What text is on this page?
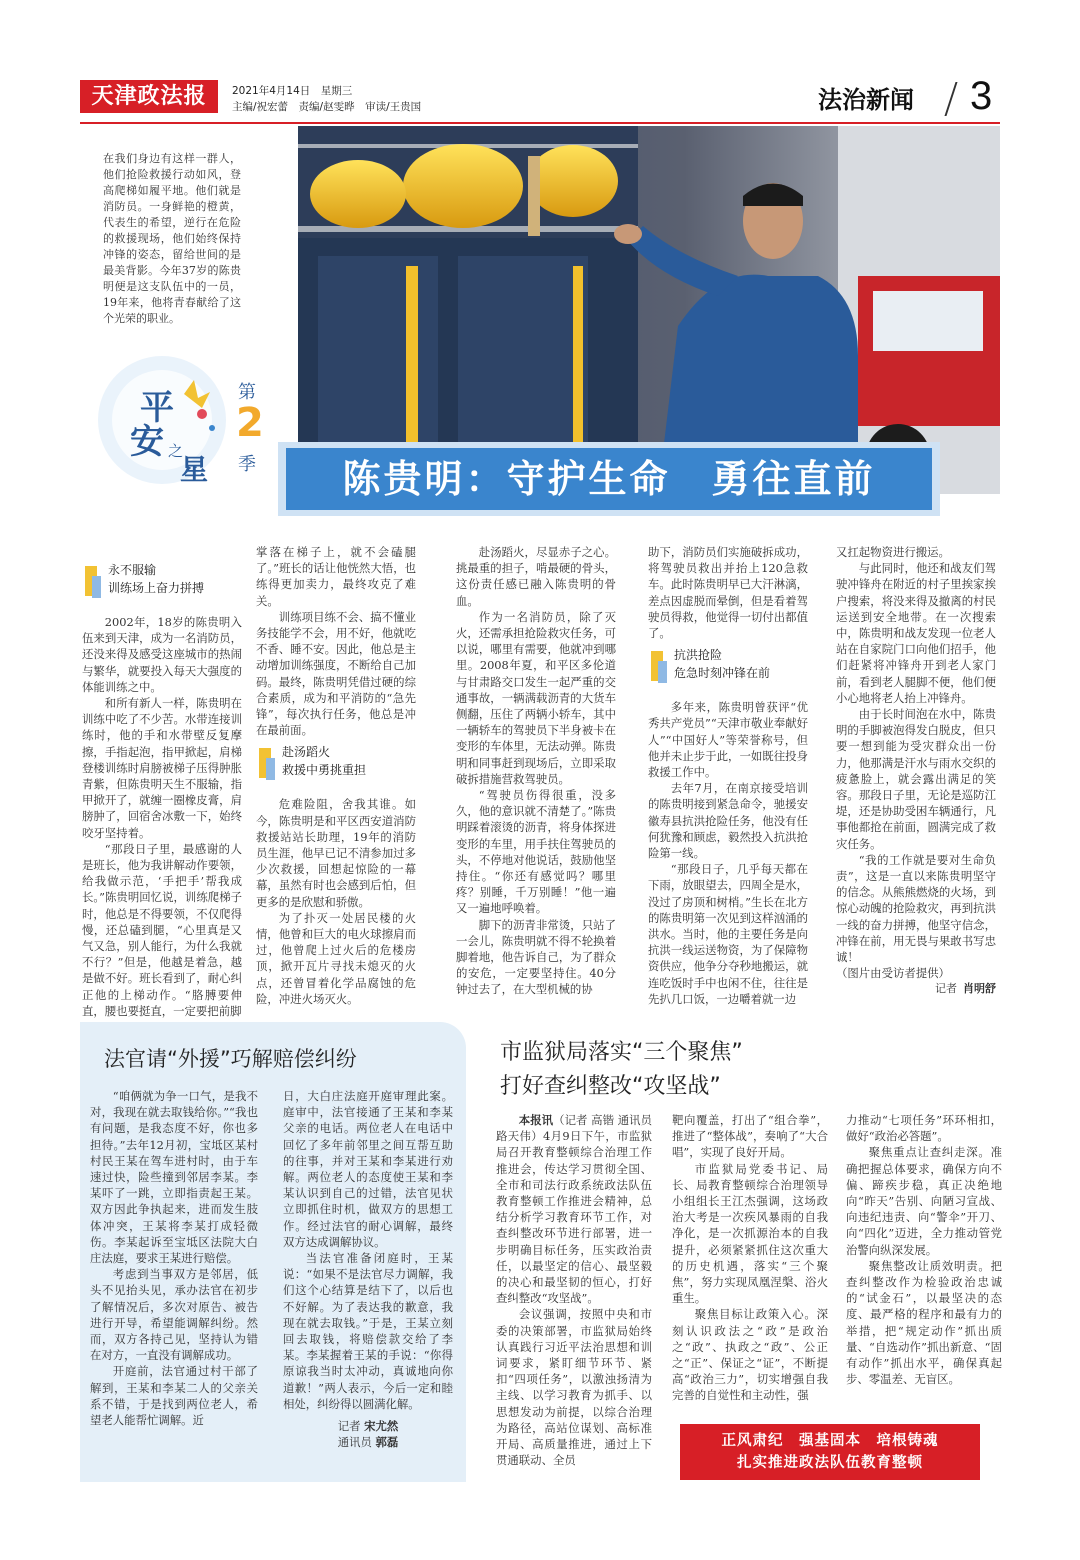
天津政法报	2021年4月14日　星期三
主编/祝宏蕾　责编/赵雯晔　审读/王贵国	法治新闻 3
在我们身边有这样一群人，他们抢险救援行动如风，登高爬梯如履平地。他们就是消防员。一身鲜艳的橙黄，代表生的希望，逆行在危险的救援现场，他们始终保持冲锋的姿态，留给世间的是最美背影。今年37岁的陈贵明便是这支队伍中的一员，19年来，他将青春献给了这个光荣的职业。
平
安 之
星
第
2
季	陈贵明：守护生命　勇往直前
永不服输
训练场上奋力拼搏

2002年，18岁的陈贵明入伍来到天津，成为一名消防员，还没来得及感受这座城市的热闹与繁华，就要投入每天大强度的体能训练之中。

和所有新人一样，陈贵明在训练中吃了不少苦。水带连接训练时，他的手和水带壁反复摩擦，手指起泡，指甲掀起，肩梯登楼训练时肩膀被梯子压得肿胀青紫，但陈贵明天生不服输，指甲掀开了，就缠一圈橡皮膏，肩膀肿了，回宿舍冰敷一下，始终咬牙坚持着。

“那段日子里，最感谢的人是班长，他为我讲解动作要领，给我做示范，‘手把手’帮我成长。”陈贵明回忆说，训练爬梯子时，他总是不得要领，不仅爬得慢，还总磕到腿，“心里真是又气又急，别人能行，为什么我就不行？”但是，他越是着急，越是做不好。班长看到了，耐心纠正他的上梯动作。“胳膊要伸直，腰也要挺直，一定要把前脚

掌落在梯子上，就不会磕腿了。”班长的话让他恍然大悟，也练得更加卖力，最终攻克了难关。

训练项目练不会、搞不懂业务技能学不会，用不好，他就吃不香、睡不安。因此，他总是主动增加训练强度，不断给自己加码。最终，陈贵明凭借过硬的综合素质，成为和平消防的“急先锋”，每次执行任务，他总是冲在最前面。

赴汤蹈火
救援中勇挑重担

危难险阻，舍我其谁。如今，陈贵明是和平区西安道消防救援站站长助理，19年的消防员生涯，他早已记不清参加过多少次救援，回想起惊险的一幕幕，虽然有时也会感到后怕，但更多的是欣慰和骄傲。

为了扑灭一处居民楼的火情，他曾和巨大的电火球擦肩而过，他曾爬上过火后的危楼房顶，掀开瓦片寻找未熄灭的火点，还曾冒着化学品腐蚀的危险，冲进火场灭火。

赴汤蹈火，尽显赤子之心。挑最重的担子，啃最硬的骨头，这份责任感已融入陈贵明的骨血。

作为一名消防员，除了灭火，还需承担抢险救灾任务，可以说，哪里有需要，他就冲到哪里。2008年夏，和平区多伦道与甘肃路交口发生一起严重的交通事故，一辆满载沥青的大货车侧翻，压住了两辆小轿车，其中一辆轿车的驾驶员下半身被卡在变形的车体里，无法动弹。陈贵明和同事赶到现场后，立即采取破拆措施营救驾驶员。

“驾驶员伤得很重，没多久，他的意识就不清楚了。”陈贵明踩着滚烫的沥青，将身体探进变形的车里，用手扶住驾驶员的头，不停地对他说话，鼓励他坚持住。“你还有感觉吗？哪里疼？别睡，千万别睡！”他一遍又一遍地呼唤着。

脚下的沥青非常烫，只站了一会儿，陈贵明就不得不轮换着脚着地，他告诉自己，为了群众的安危，一定要坚持住。40分钟过去了，在大型机械的协

助下，消防员们实施破拆成功，将驾驶员救出并抬上120急救车。此时陈贵明早已大汗淋漓，差点因虚脱而晕倒，但是看着驾驶员得救，他觉得一切付出都值了。

抗洪抢险
危急时刻冲锋在前

多年来，陈贵明曾获评“优秀共产党员”“天津市敬业奉献好人”“中国好人”等荣誉称号，但他并未止步于此，一如既往投身救援工作中。

去年7月，在南京接受培训的陈贵明接到紧急命令，驰援安徽寿县抗洪抢险任务，他没有任何犹豫和顾虑，毅然投入抗洪抢险第一线。

“那段日子，几乎每天都在下雨，放眼望去，四周全是水，没过了房顶和树梢。”生长在北方的陈贵明第一次见到这样汹涌的洪水。当时，他的主要任务是向抗洪一线运送物资，为了保障物资供应，他争分夺秒地搬运，就连吃饭时手中也闲不住，往往是先扒几口饭，一边嚼着就一边

又扛起物资进行搬运。

与此同时，他还和战友们驾驶冲锋舟在附近的村子里挨家挨户搜索，将没来得及撤离的村民运送到安全地带。在一次搜索中，陈贵明和战友发现一位老人站在自家院门口向他们招手，他们赶紧将冲锋舟开到老人家门前，看到老人腿脚不便，他们便小心地将老人抬上冲锋舟。

由于长时间泡在水中，陈贵明的手脚被泡得发白脱皮，但只要一想到能为受灾群众出一份力，他那满是汗水与雨水交织的疲惫脸上，就会露出满足的笑容。那段日子里，无论是巡防江堤，还是协助受困车辆通行，凡事他都抢在前面，圆满完成了救灾任务。

“我的工作就是要对生命负责”，这是一直以来陈贵明坚守的信念。从熊熊燃烧的火场，到惊心动魄的抢险救灾，再到抗洪一线的奋力拼搏，他坚守信念，冲锋在前，用无畏与果敢书写忠诚！

（图片由受访者提供）

记者 肖明舒

法官请“外援”巧解赔偿纠纷

“咱俩就为争一口气，是我不对，我现在就去取钱给你。”“我也有问题，是我态度不好，你也多担待。”去年12月初，宝坻区某村村民王某在驾车进村时，由于车速过快，险些撞到邻居李某。李某吓了一跳，立即指责起王某。双方因此争执起来，进而发生肢体冲突，王某将李某打成轻微伤。李某起诉至宝坻区法院大白庄法庭，要求王某进行赔偿。

考虑到当事双方是邻居，低头不见抬头见，承办法官在初步了解情况后，多次对原告、被告进行开导，希望能调解纠纷。然而，双方各持己见，坚持认为错在对方，一直没有调解成功。

开庭前，法官通过村干部了解到，王某和李某二人的父亲关系不错，于是找到两位老人，希望老人能帮忙调解。近

日，大白庄法庭开庭审理此案。庭审中，法官接通了王某和李某父亲的电话。两位老人在电话中回忆了多年前邻里之间互帮互助的往事，并对王某和李某进行劝解。两位老人的态度使王某和李某认识到自己的过错，法官见状立即抓住时机，做双方的思想工作。经过法官的耐心调解，最终双方达成调解协议。

当法官准备闭庭时，王某说：“如果不是法官尽力调解，我们这个心结算是结下了，以后也不好解。为了表达我的歉意，我现在就去取钱。”于是，王某立刻回去取钱，将赔偿款交给了李某。李某握着王某的手说：“你得原谅我当时太冲动，真诚地向你道歉！”两人表示，今后一定和睦相处，纠纷得以圆满化解。

记者 宋尤然

通讯员 郭磊

市监狱局落实“三个聚焦”
打好查纠整改“攻坚战”

本报讯（记者 高锴 通讯员 路天伟）4月9日下午，市监狱局召开教育整顿综合治理工作推进会，传达学习贯彻全国、全市和司法行政系统政法队伍教育整顿工作推进会精神，总结分析学习教育环节工作，对查纠整改环节进行部署，进一步明确目标任务，压实政治责任，以最坚定的信心、最坚毅的决心和最坚韧的恒心，打好查纠整改“攻坚战”。

会议强调，按照中央和市委的决策部署，市监狱局始终认真践行习近平法治思想和训词要求，紧盯细节环节、紧扣“四项任务”，以激浊扬清为主线、以学习教育为抓手、以思想发动为前提，以综合治理为路径，高站位谋划、高标准开局、高质量推进，通过上下贯通联动、全员

靶向覆盖，打出了“组合拳”，推进了“整体战”，奏响了“大合唱”，实现了良好开局。

市监狱局党委书记、局长、局教育整顿综合治理领导小组组长王江杰强调，这场政治大考是一次疾风暴雨的自我净化，是一次抓源治本的自我提升，必须紧紧抓住这次重大的历史机遇，落实“三个聚焦”，努力实现凤凰涅槃、浴火重生。

聚焦目标让政策入心。深刻认识政法之“政”是政治之“政”、执政之“政”、公正之“正”、保证之“证”，不断提高“政治三力”，切实增强自我完善的自觉性和主动性，强

力推动“七项任务”环环相扣，做好“政治必答题”。

聚焦重点让查纠走深。准确把握总体要求，确保方向不偏、蹄疾步稳，真正决绝地向“昨天”告别、向陋习宣战、向违纪违责、向“警伞”开刀、向“四化”迈进，全力推动管党治警向纵深发展。

聚焦整改让质效明责。把查纠整改作为检验政治忠诚的“试金石”，以最坚决的态度、最严格的程序和最有力的举措，把“规定动作”抓出质量、“自选动作”抓出新意、“固有动作”抓出水平，确保真起步、零温差、无盲区。

正风肃纪　强基固本　培根铸魂
扎实推进政法队伍教育整顿
